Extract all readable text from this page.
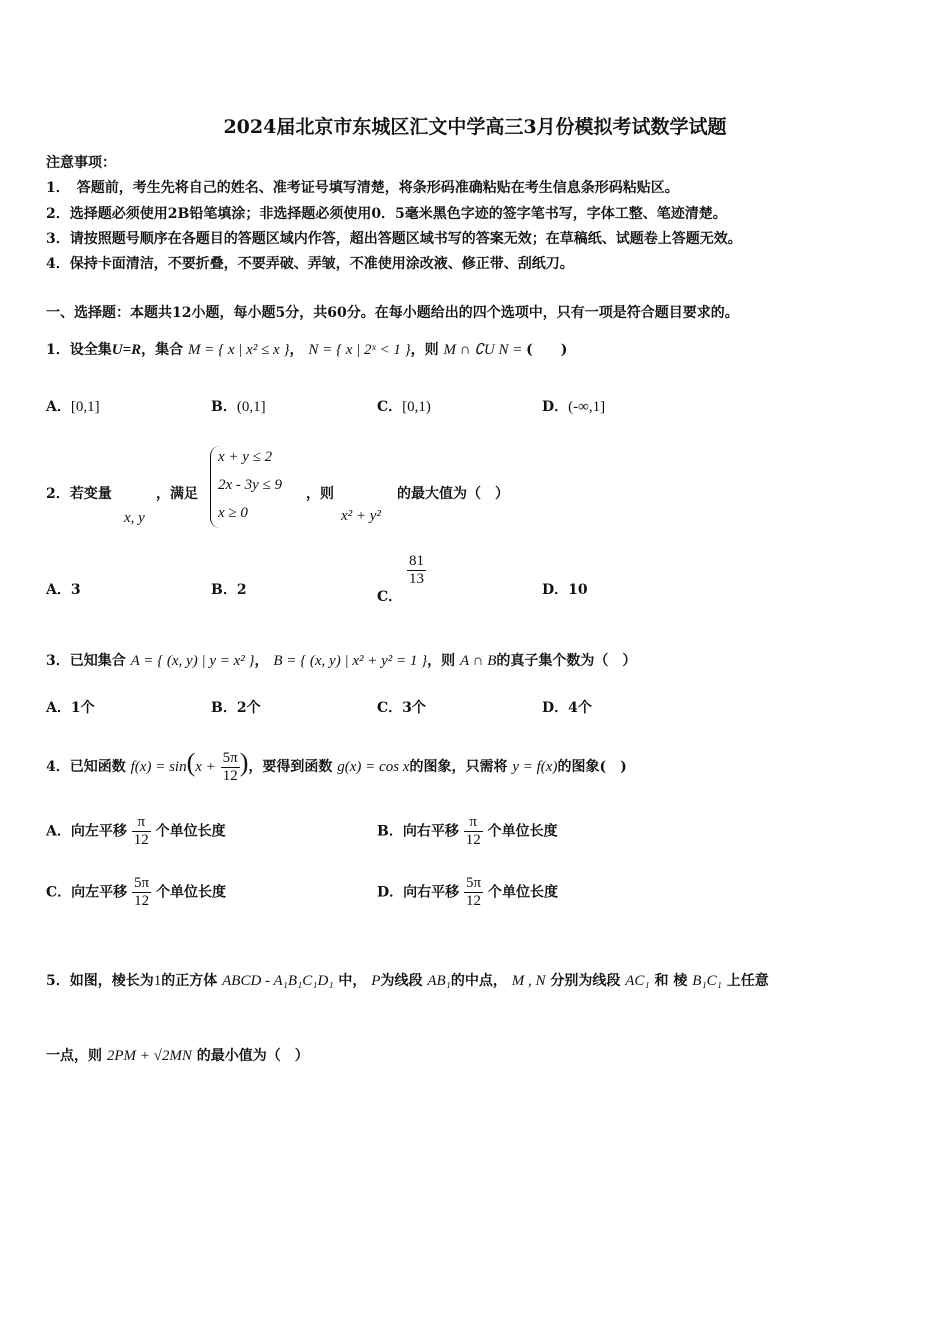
2024届北京市东城区汇文中学高三3月份模拟考试数学试题
注意事项：
1．　答题前，考生先将自己的姓名、准考证号填写清楚，将条形码准确粘贴在考生信息条形码粘贴区。
2．选择题必须使用2B铅笔填涂；非选择题必须使用0．5毫米黑色字迹的签字笔书写，字体工整、笔迹清楚。
3．请按照题号顺序在各题目的答题区域内作答，超出答题区域书写的答案无效；在草稿纸、试题卷上答题无效。
4．保持卡面清洁，不要折叠，不要弄破、弄皱，不准使用涂改液、修正带、刮纸刀。
一、选择题：本题共12小题，每小题5分，共60分。在每小题给出的四个选项中，只有一项是符合题目要求的。
1．设全集U=R，集合 M = { x | x² ≤ x }， N = { x | 2ˣ < 1 }，则 M ∩ ∁U N = (　　)
A．[0,1]	B．(0,1]	C．[0,1)	D．(-∞,1]
2．若变量
x, y
，满足
x + y ≤ 2
2x - 3y ≤ 9
x ≥ 0
，则
x² + y²
的最大值为（　）
A．3	B．2	C．
$\frac{81}{13}$
D．10
3．已知集合 A = { (x, y) | y = x² }， B = { (x, y) | x² + y² = 1 }，则 A ∩ B的真子集个数为（　）
A．1个	B．2个	C．3个	D．4个
4．已知函数 $f(x) = \sin(x + \frac{5\pi}{12}$ )，要得到函数 g(x) = cos x的图象，只需将 y = f(x)的图象(　)
A．向左平移 $\frac{\pi}{12}$ 个单位长度	B．向右平移 $\frac{\pi}{12}$ 个单位长度
C．向左平移 $\frac{5\pi}{12}$ 个单位长度	D．向右平移 $\frac{5\pi}{12}$ 个单位长度
5．如图，棱长为1的正方体 ABCD - A₁B₁C₁D₁ 中， P为线段 AB₁的中点， M , N 分别为线段 AC₁ 和 棱 B₁C₁ 上任意
一点，则 2PM + √2MN 的最小值为（　）
